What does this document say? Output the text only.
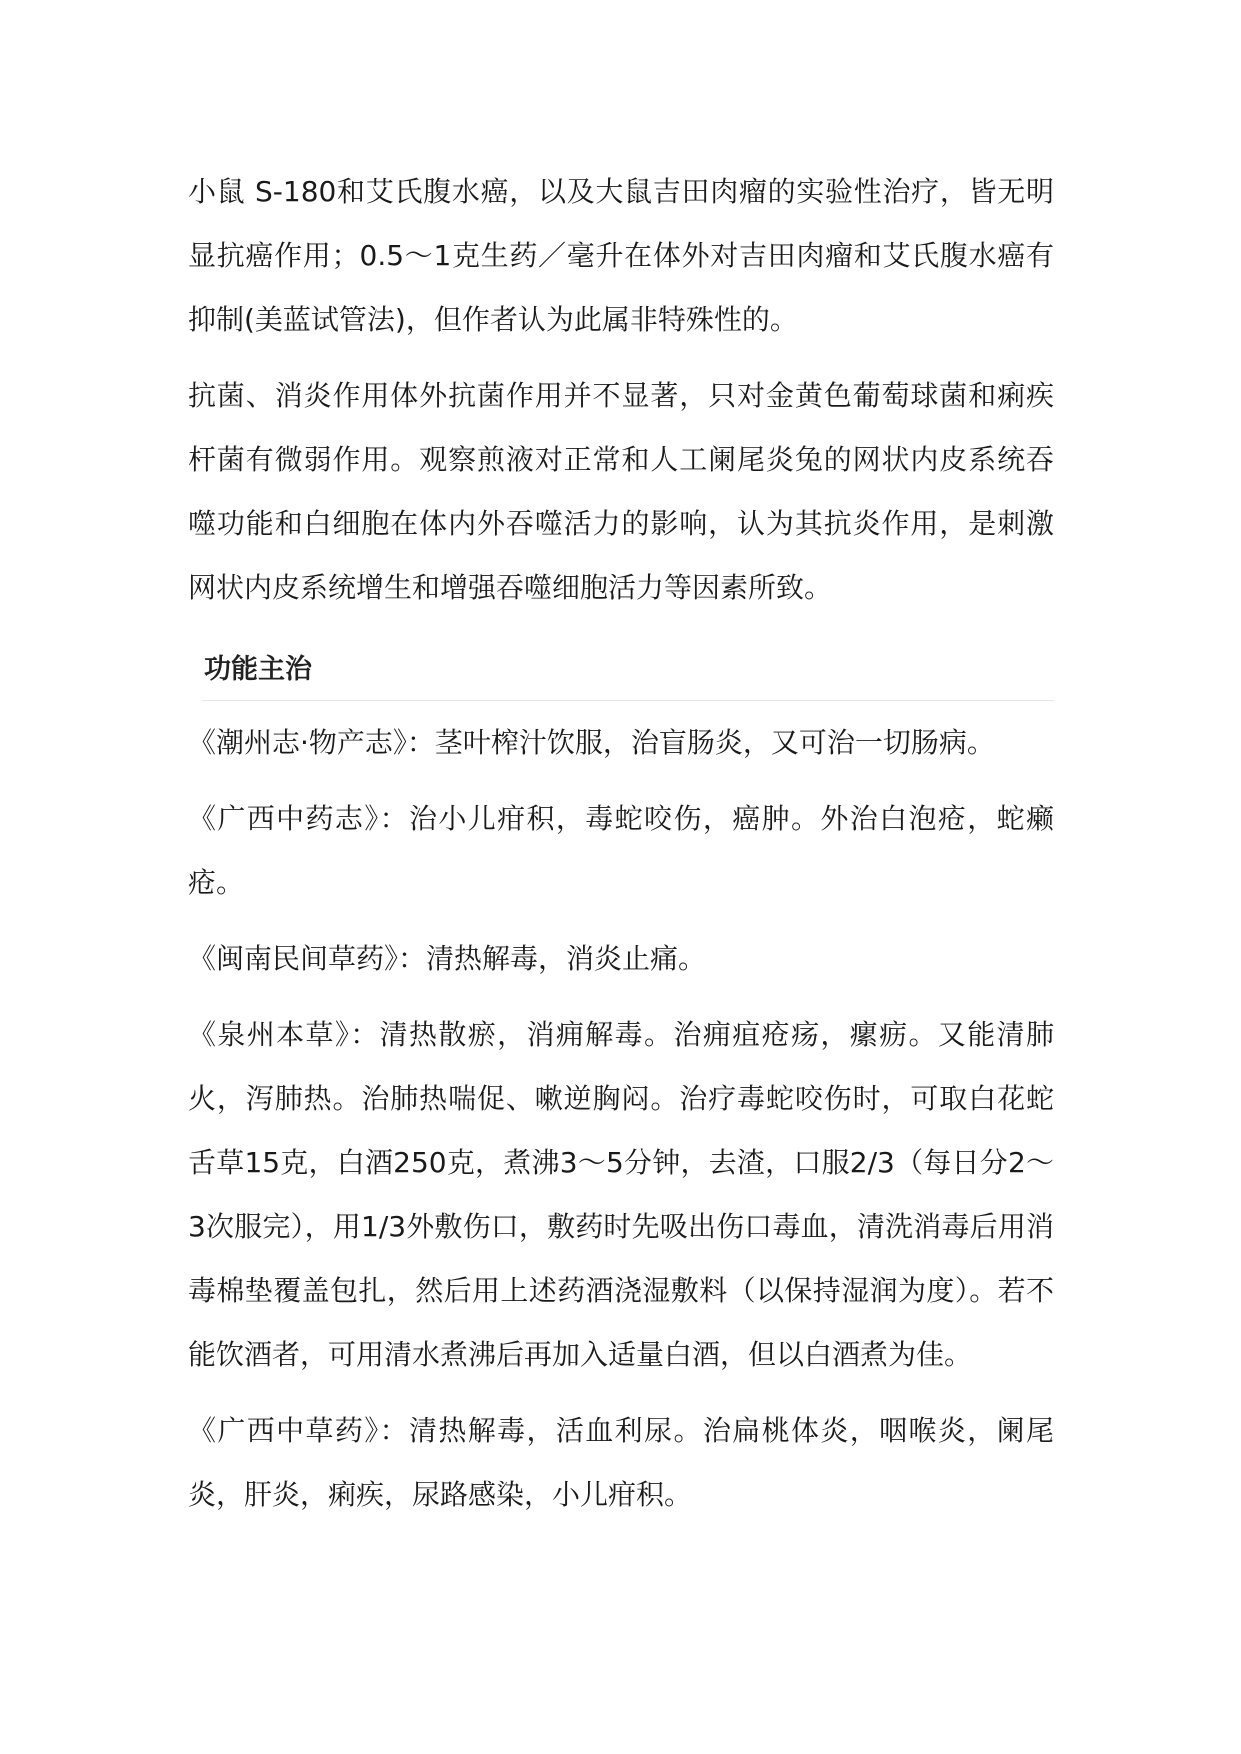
小鼠 S-180和艾氏腹水癌，以及大鼠吉田肉瘤的实验性治疗，皆无明显抗癌作用；0.5～1克生药／毫升在体外对吉田肉瘤和艾氏腹水癌有抑制(美蓝试管法)，但作者认为此属非特殊性的。

抗菌、消炎作用体外抗菌作用并不显著，只对金黄色葡萄球菌和痢疾杆菌有微弱作用。观察煎液对正常和人工阑尾炎兔的网状内皮系统吞噬功能和白细胞在体内外吞噬活力的影响，认为其抗炎作用，是刺激网状内皮系统增生和增强吞噬细胞活力等因素所致。

功能主治

《潮州志·物产志》：茎叶榨汁饮服，治盲肠炎，又可治一切肠病。

《广西中药志》：治小儿疳积，毒蛇咬伤，癌肿。外治白泡疮，蛇癞疮。

《闽南民间草药》：清热解毒，消炎止痛。

《泉州本草》：清热散瘀，消痈解毒。治痈疽疮疡，瘰疬。又能清肺火，泻肺热。治肺热喘促、嗽逆胸闷。治疗毒蛇咬伤时，可取白花蛇舌草15克，白酒250克，煮沸3～5分钟，去渣，口服2/3（每日分2～3次服完），用1/3外敷伤口，敷药时先吸出伤口毒血，清洗消毒后用消毒棉垫覆盖包扎，然后用上述药酒浇湿敷料（以保持湿润为度）。若不能饮酒者，可用清水煮沸后再加入适量白酒，但以白酒煮为佳。

《广西中草药》：清热解毒，活血利尿。治扁桃体炎，咽喉炎，阑尾炎，肝炎，痢疾，尿路感染，小儿疳积。
